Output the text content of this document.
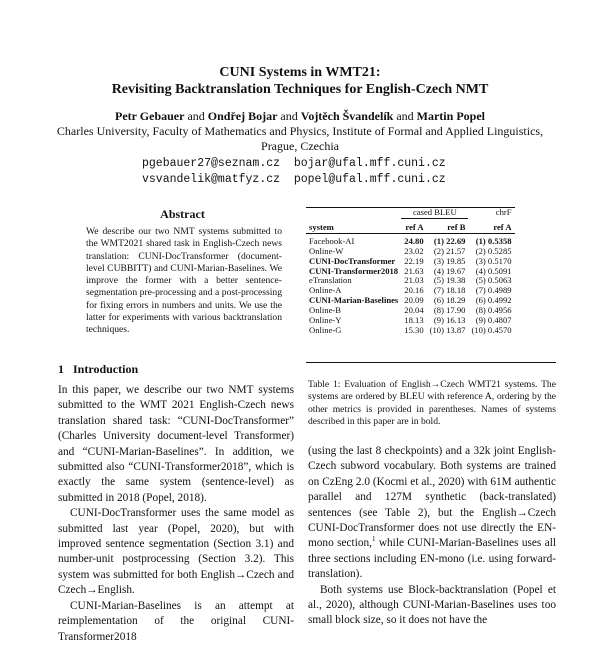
CUNI Systems in WMT21:
Revisiting Backtranslation Techniques for English-Czech NMT
Petr Gebauer and Ondřej Bojar and Vojtěch Švandelík and Martin Popel
Charles University, Faculty of Mathematics and Physics, Institute of Formal and Applied Linguistics,
Prague, Czechia
pgebauer27@seznam.cz  bojar@ufal.mff.cuni.cz
vsvandelik@matfyz.cz  popel@ufal.mff.cuni.cz
Abstract
We describe our two NMT systems submitted to the WMT2021 shared task in English-Czech news translation: CUNI-DocTransformer (document-level CUBBITT) and CUNI-Marian-Baselines. We improve the former with a better sentence-segmentation pre-processing and a post-processing for fixing errors in numbers and units. We use the latter for experiments with various backtranslation techniques.
1 Introduction

In this paper, we describe our two NMT systems submitted to the WMT 2021 English-Czech news translation shared task: “CUNI-DocTransformer” (Charles University document-level Transformer) and “CUNI-Marian-Baselines”. In addition, we submitted also “CUNI-Transformer2018”, which is exactly the same system (sentence-level) as submitted in 2018 (Popel, 2018).

CUNI-DocTransformer uses the same model as submitted last year (Popel, 2020), but with improved sentence segmentation (Section 3.1) and number-unit postprocessing (Section 3.2). This system was submitted for both English→Czech and Czech→English.

CUNI-Marian-Baselines is an attempt at reimplementation of the original CUNI-Transformer2018

	cased BLEU		chrF

system	ref A	ref B	ref A

Facebook-AI	24.80	(1) 22.69	(1) 0.5358
Online-W	23.02	(2) 21.57	(2) 0.5285
CUNI-DocTransformer	22.19	(3) 19.85	(3) 0.5170
CUNI-Transformer2018	21.63	(4) 19.67	(4) 0.5091
eTranslation	21.03	(5) 19.38	(5) 0.5063
Online-A	20.16	(7) 18.18	(7) 0.4989
CUNI-Marian-Baselines	20.09	(6) 18.29	(6) 0.4992
Online-B	20.04	(8) 17.90	(8) 0.4956
Online-Y	18.13	(9) 16.13	(9) 0.4807
Online-G	15.30	(10) 13.87	(10) 0.4570
Table 1: Evaluation of English→Czech WMT21 systems. The systems are ordered by BLEU with reference A, ordering by the other metrics is provided in parentheses. Names of systems described in this paper are in bold.

(using the last 8 checkpoints) and a 32k joint English-Czech subword vocabulary. Both systems are trained on CzEng 2.0 (Kocmi et al., 2020) with 61M authentic parallel and 127M synthetic (back-translated) sentences (see Table 2), but the English→Czech CUNI-DocTransformer does not use directly the EN-mono section,$^1$ while CUNI-Marian-Baselines uses all three sections including EN-mono (i.e. using forward-translation).

Both systems use Block-backtranslation (Popel et al., 2020), although CUNI-Marian-Baselines uses too small block size, so it does not have the
